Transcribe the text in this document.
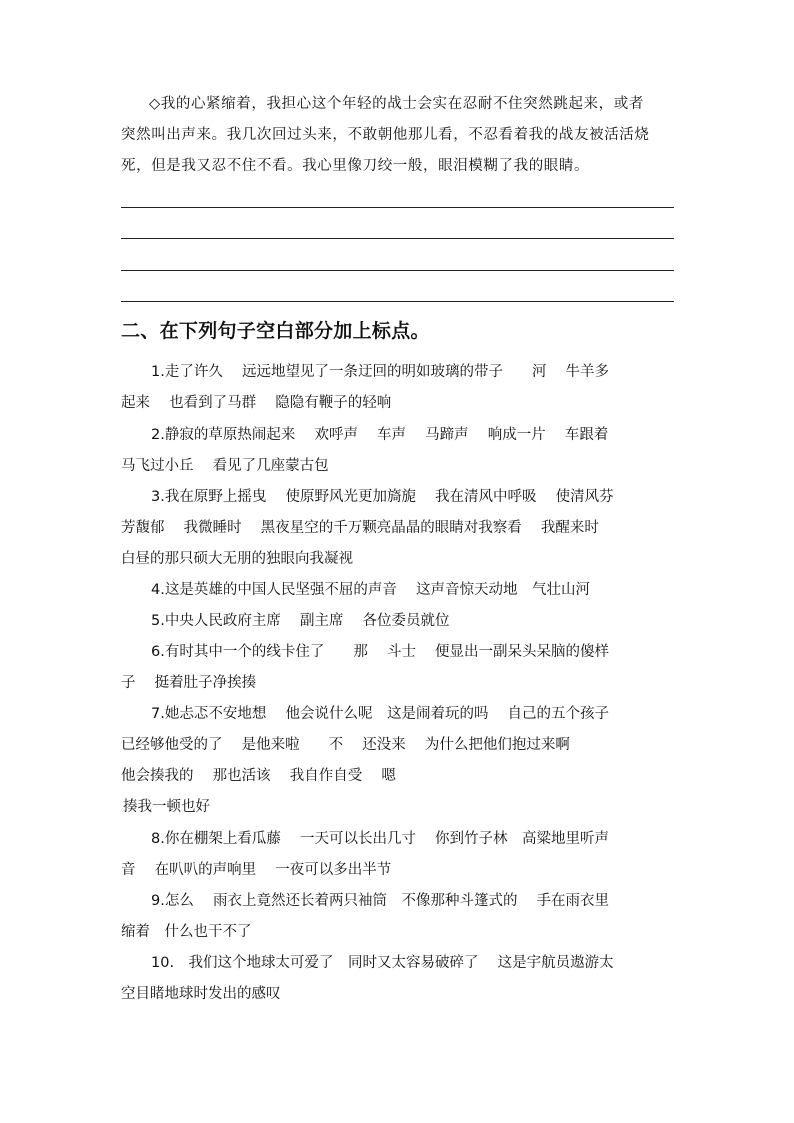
◇我的心紧缩着，我担心这个年轻的战士会实在忍耐不住突然跳起来，或者
突然叫出声来。我几次回过头来，不敢朝他那儿看，不忍看着我的战友被活活烧
死，但是我又忍不住不看。我心里像刀绞一般，眼泪模糊了我的眼睛。
二、在下列句子空白部分加上标点。
1.走了许久　 远远地望见了一条迂回的明如玻璃的带子　　河　 牛羊多
起来　 也看到了马群　 隐隐有鞭子的轻响
2.静寂的草原热闹起来　 欢呼声　 车声　 马蹄声　 响成一片　 车跟着
马飞过小丘　 看见了几座蒙古包
3.我在原野上摇曳　 使原野风光更加旖旎　 我在清风中呼吸　 使清风芬
芳馥郁　 我微睡时　 黑夜星空的千万颗亮晶晶的眼睛对我察看　 我醒来时
白昼的那只硕大无朋的独眼向我凝视
4.这是英雄的中国人民坚强不屈的声音　 这声音惊天动地　气壮山河
5.中央人民政府主席　 副主席　 各位委员就位
6.有时其中一个的线卡住了　　那　 斗士　 便显出一副呆头呆脑的傻样
子　 挺着肚子净挨揍
7.她忐忑不安地想　 他会说什么呢　这是闹着玩的吗　 自己的五个孩子
已经够他受的了　 是他来啦　　不　 还没来　 为什么把他们抱过来啊
他会揍我的　 那也活该　 我自作自受　 嗯
揍我一顿也好
8.你在棚架上看瓜藤　 一天可以长出几寸　 你到竹子林　高粱地里听声
音　 在叭叭的声响里　 一夜可以多出半节
9.怎么　 雨衣上竟然还长着两只袖筒　不像那种斗篷式的　 手在雨衣里
缩着　什么也干不了
10.　我们这个地球太可爱了　同时又太容易破碎了　 这是宇航员遨游太
空目睹地球时发出的感叹
